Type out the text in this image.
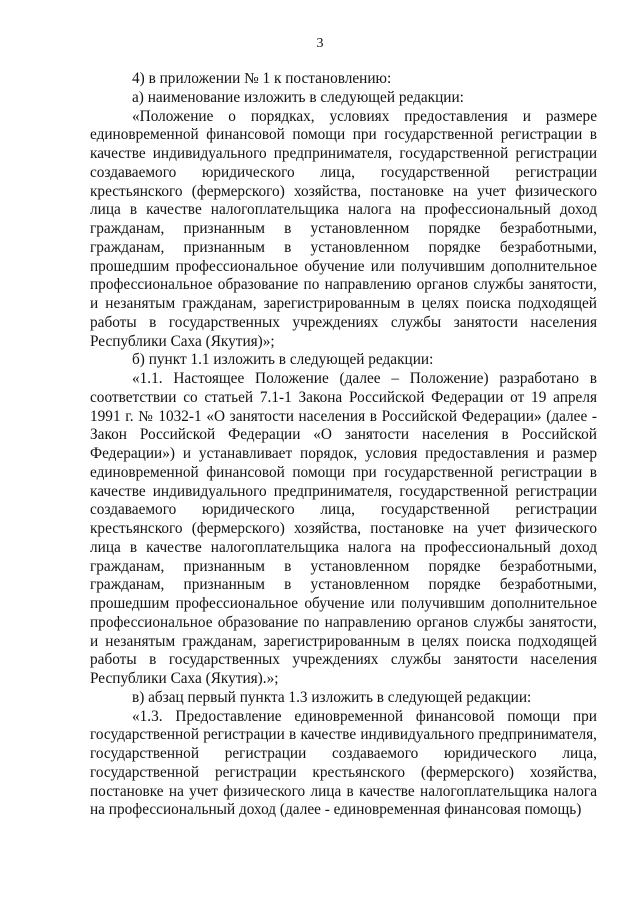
3

4) в приложении № 1 к постановлению:

а) наименование изложить в следующей редакции:

«Положение о порядках, условиях предоставления и размере единовременной финансовой помощи при государственной регистрации в качестве индивидуального предпринимателя, государственной регистрации создаваемого юридического лица, государственной регистрации крестьянского (фермерского) хозяйства, постановке на учет физического лица в качестве налогоплательщика налога на профессиональный доход гражданам, признанным в установленном порядке безработными, гражданам, признанным в установленном порядке безработными, прошедшим профессиональное обучение или получившим дополнительное профессиональное образование по направлению органов службы занятости, и незанятым гражданам, зарегистрированным в целях поиска подходящей работы в государственных учреждениях службы занятости населения Республики Саха (Якутия)»;

б) пункт 1.1 изложить в следующей редакции:

«1.1. Настоящее Положение (далее – Положение) разработано в соответствии со статьей 7.1-1 Закона Российской Федерации от 19 апреля 1991 г. № 1032-1 «О занятости населения в Российской Федерации» (далее - Закон Российской Федерации «О занятости населения в Российской Федерации») и устанавливает порядок, условия предоставления и размер единовременной финансовой помощи при государственной регистрации в качестве индивидуального предпринимателя, государственной регистрации создаваемого юридического лица, государственной регистрации крестьянского (фермерского) хозяйства, постановке на учет физического лица в качестве налогоплательщика налога на профессиональный доход гражданам, признанным в установленном порядке безработными, гражданам, признанным в установленном порядке безработными, прошедшим профессиональное обучение или получившим дополнительное профессиональное образование по направлению органов службы занятости, и незанятым гражданам, зарегистрированным в целях поиска подходящей работы в государственных учреждениях службы занятости населения Республики Саха (Якутия).»;

в) абзац первый пункта 1.3 изложить в следующей редакции:

«1.3. Предоставление единовременной финансовой помощи при государственной регистрации в качестве индивидуального предпринимателя, государственной регистрации создаваемого юридического лица, государственной регистрации крестьянского (фермерского) хозяйства, постановке на учет физического лица в качестве налогоплательщика налога на профессиональный доход (далее - единовременная финансовая помощь)
